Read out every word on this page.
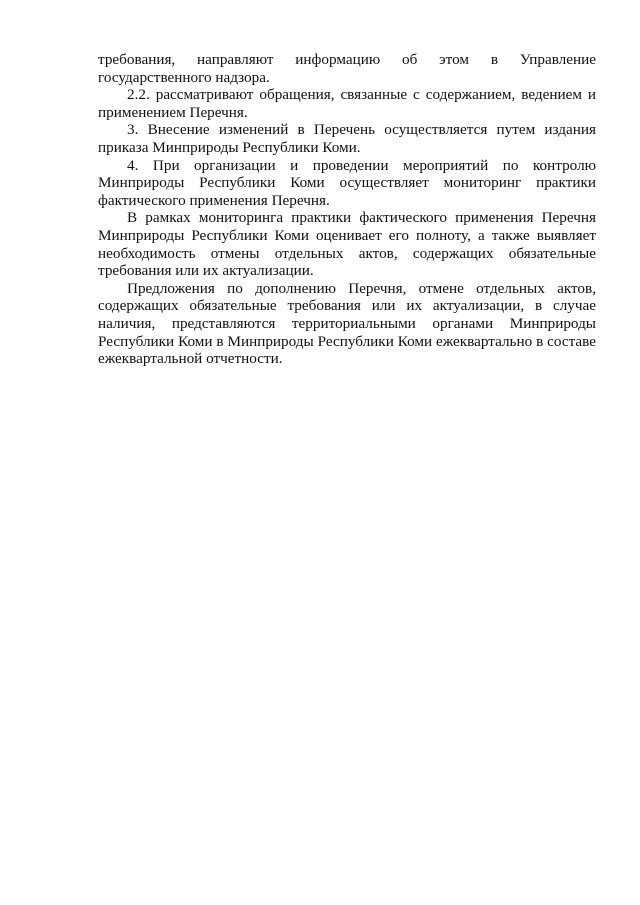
требования, направляют информацию об этом в Управление государственного надзора.

2.2. рассматривают обращения, связанные с содержанием, ведением и применением Перечня.

3. Внесение изменений в Перечень осуществляется путем издания приказа Минприроды Республики Коми.

4. При организации и проведении мероприятий по контролю Минприроды Республики Коми осуществляет мониторинг практики фактического применения Перечня.

В рамках мониторинга практики фактического применения Перечня Минприроды Республики Коми оценивает его полноту, а также выявляет необходимость отмены отдельных актов, содержащих обязательные требования или их актуализации.

Предложения по дополнению Перечня, отмене отдельных актов, содержащих обязательные требования или их актуализации, в случае наличия, представляются территориальными органами Минприроды Республики Коми в Минприроды Республики Коми ежеквартально в составе ежеквартальной отчетности.
